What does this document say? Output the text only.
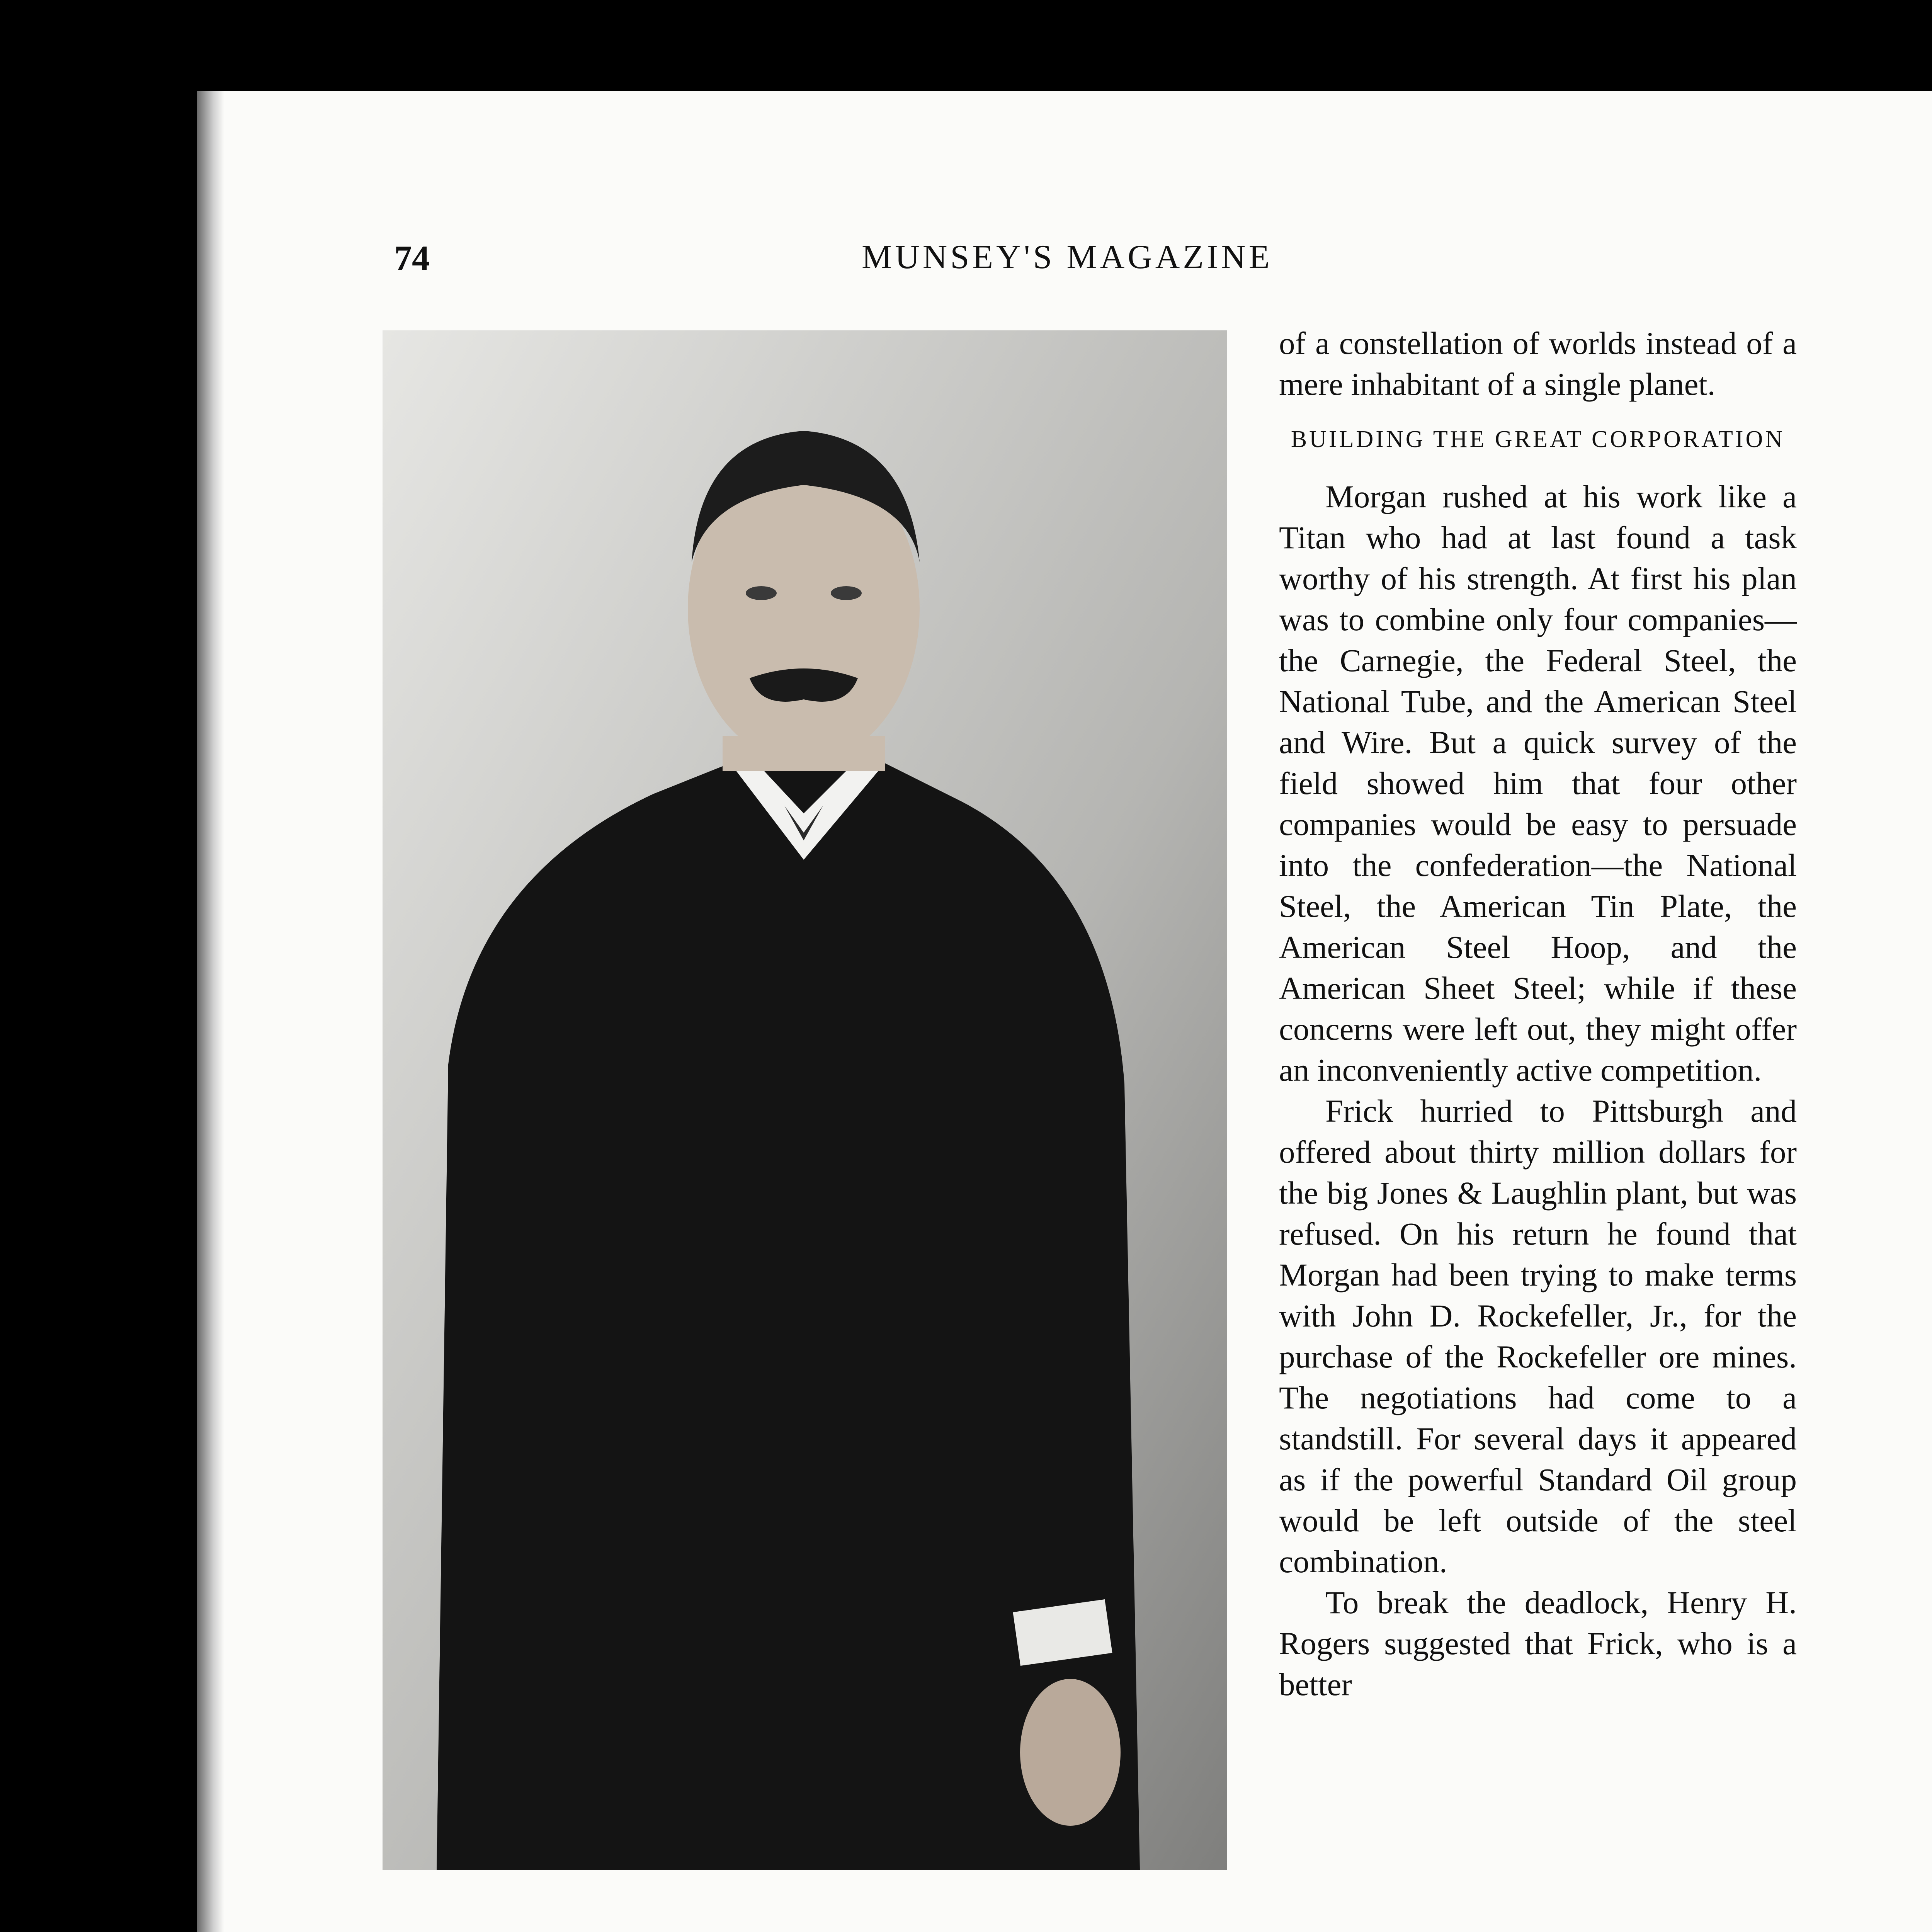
74	MUNSEY'S MAGAZINE

of a constellation of worlds instead of a mere inhabitant of a single planet.

BUILDING THE GREAT CORPORATION

Morgan rushed at his work like a Titan who had at last found a task worthy of his strength. At first his plan was to combine only four companies—the Carnegie, the Federal Steel, the National Tube, and the American Steel and Wire. But a quick survey of the field showed him that four other companies would be easy to persuade into the confederation—the National Steel, the American Tin Plate, the American Steel Hoop, and the American Sheet Steel; while if these concerns were left out, they might offer an inconveniently active competition.

Frick hurried to Pittsburgh and offered about thirty million dollars for the big Jones & Laughlin plant, but was refused. On his return he found that Morgan had been trying to make terms with John D. Rockefeller, Jr., for the purchase of the Rockefeller ore mines. The negotiations had come to a standstill. For several days it appeared as if the powerful Standard Oil group would be left outside of the steel combination.

To break the deadlock, Henry H. Rogers suggested that Frick, who is a better
